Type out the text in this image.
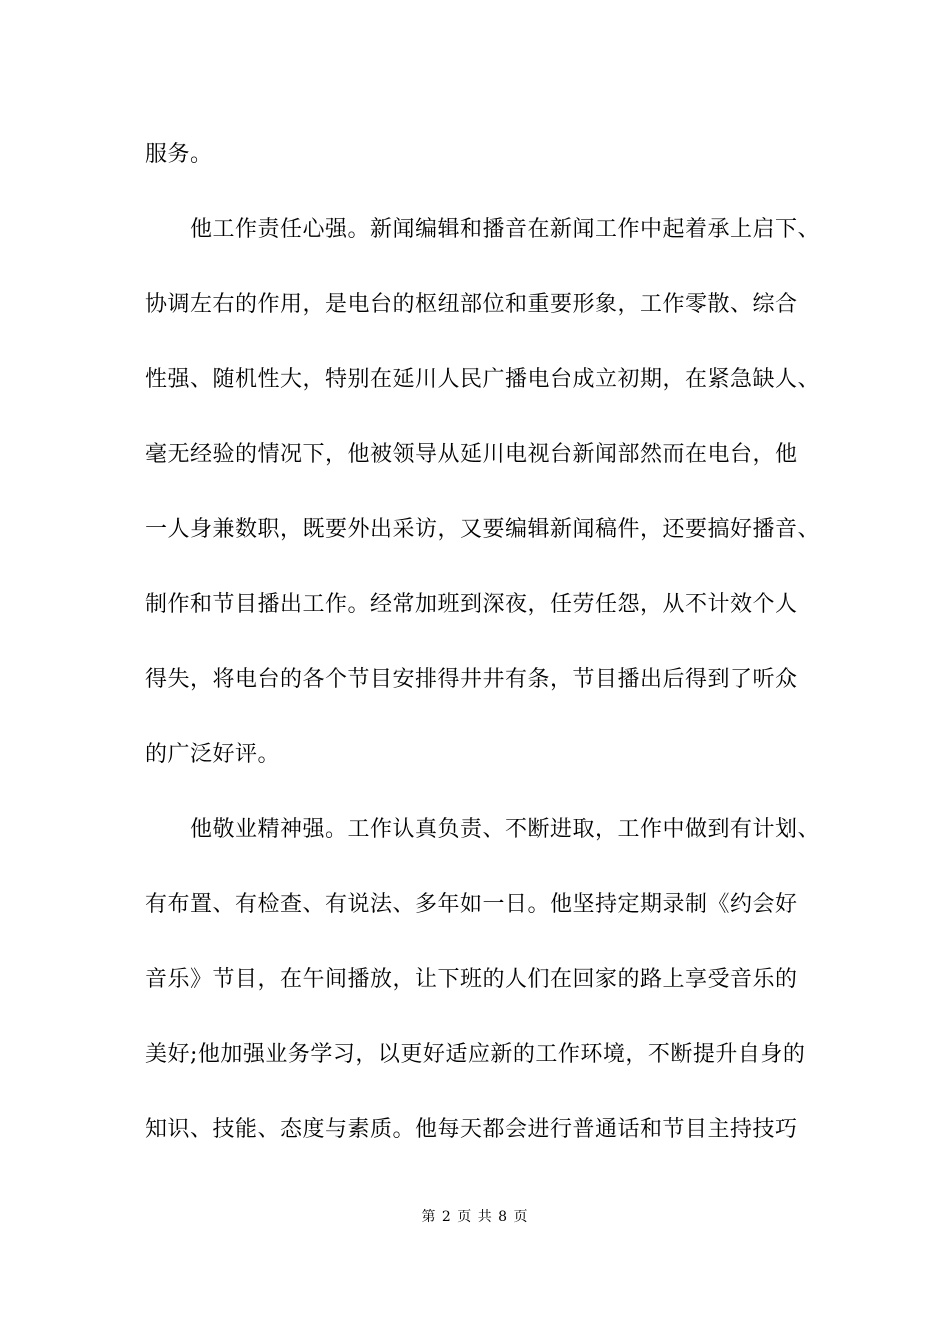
服务。
他工作责任心强。新闻编辑和播音在新闻工作中起着承上启下、
协调左右的作用，是电台的枢纽部位和重要形象，工作零散、综合
性强、随机性大，特别在延川人民广播电台成立初期，在紧急缺人、
毫无经验的情况下，他被领导从延川电视台新闻部然而在电台，他
一人身兼数职，既要外出采访，又要编辑新闻稿件，还要搞好播音、
制作和节目播出工作。经常加班到深夜，任劳任怨，从不计效个人
得失，将电台的各个节目安排得井井有条，节目播出后得到了听众
的广泛好评。
他敬业精神强。工作认真负责、不断进取，工作中做到有计划、
有布置、有检查、有说法、多年如一日。他坚持定期录制《约会好
音乐》节目，在午间播放，让下班的人们在回家的路上享受音乐的
美好;他加强业务学习，以更好适应新的工作环境，不断提升自身的
知识、技能、态度与素质。他每天都会进行普通话和节目主持技巧
第 2 页 共 8 页
